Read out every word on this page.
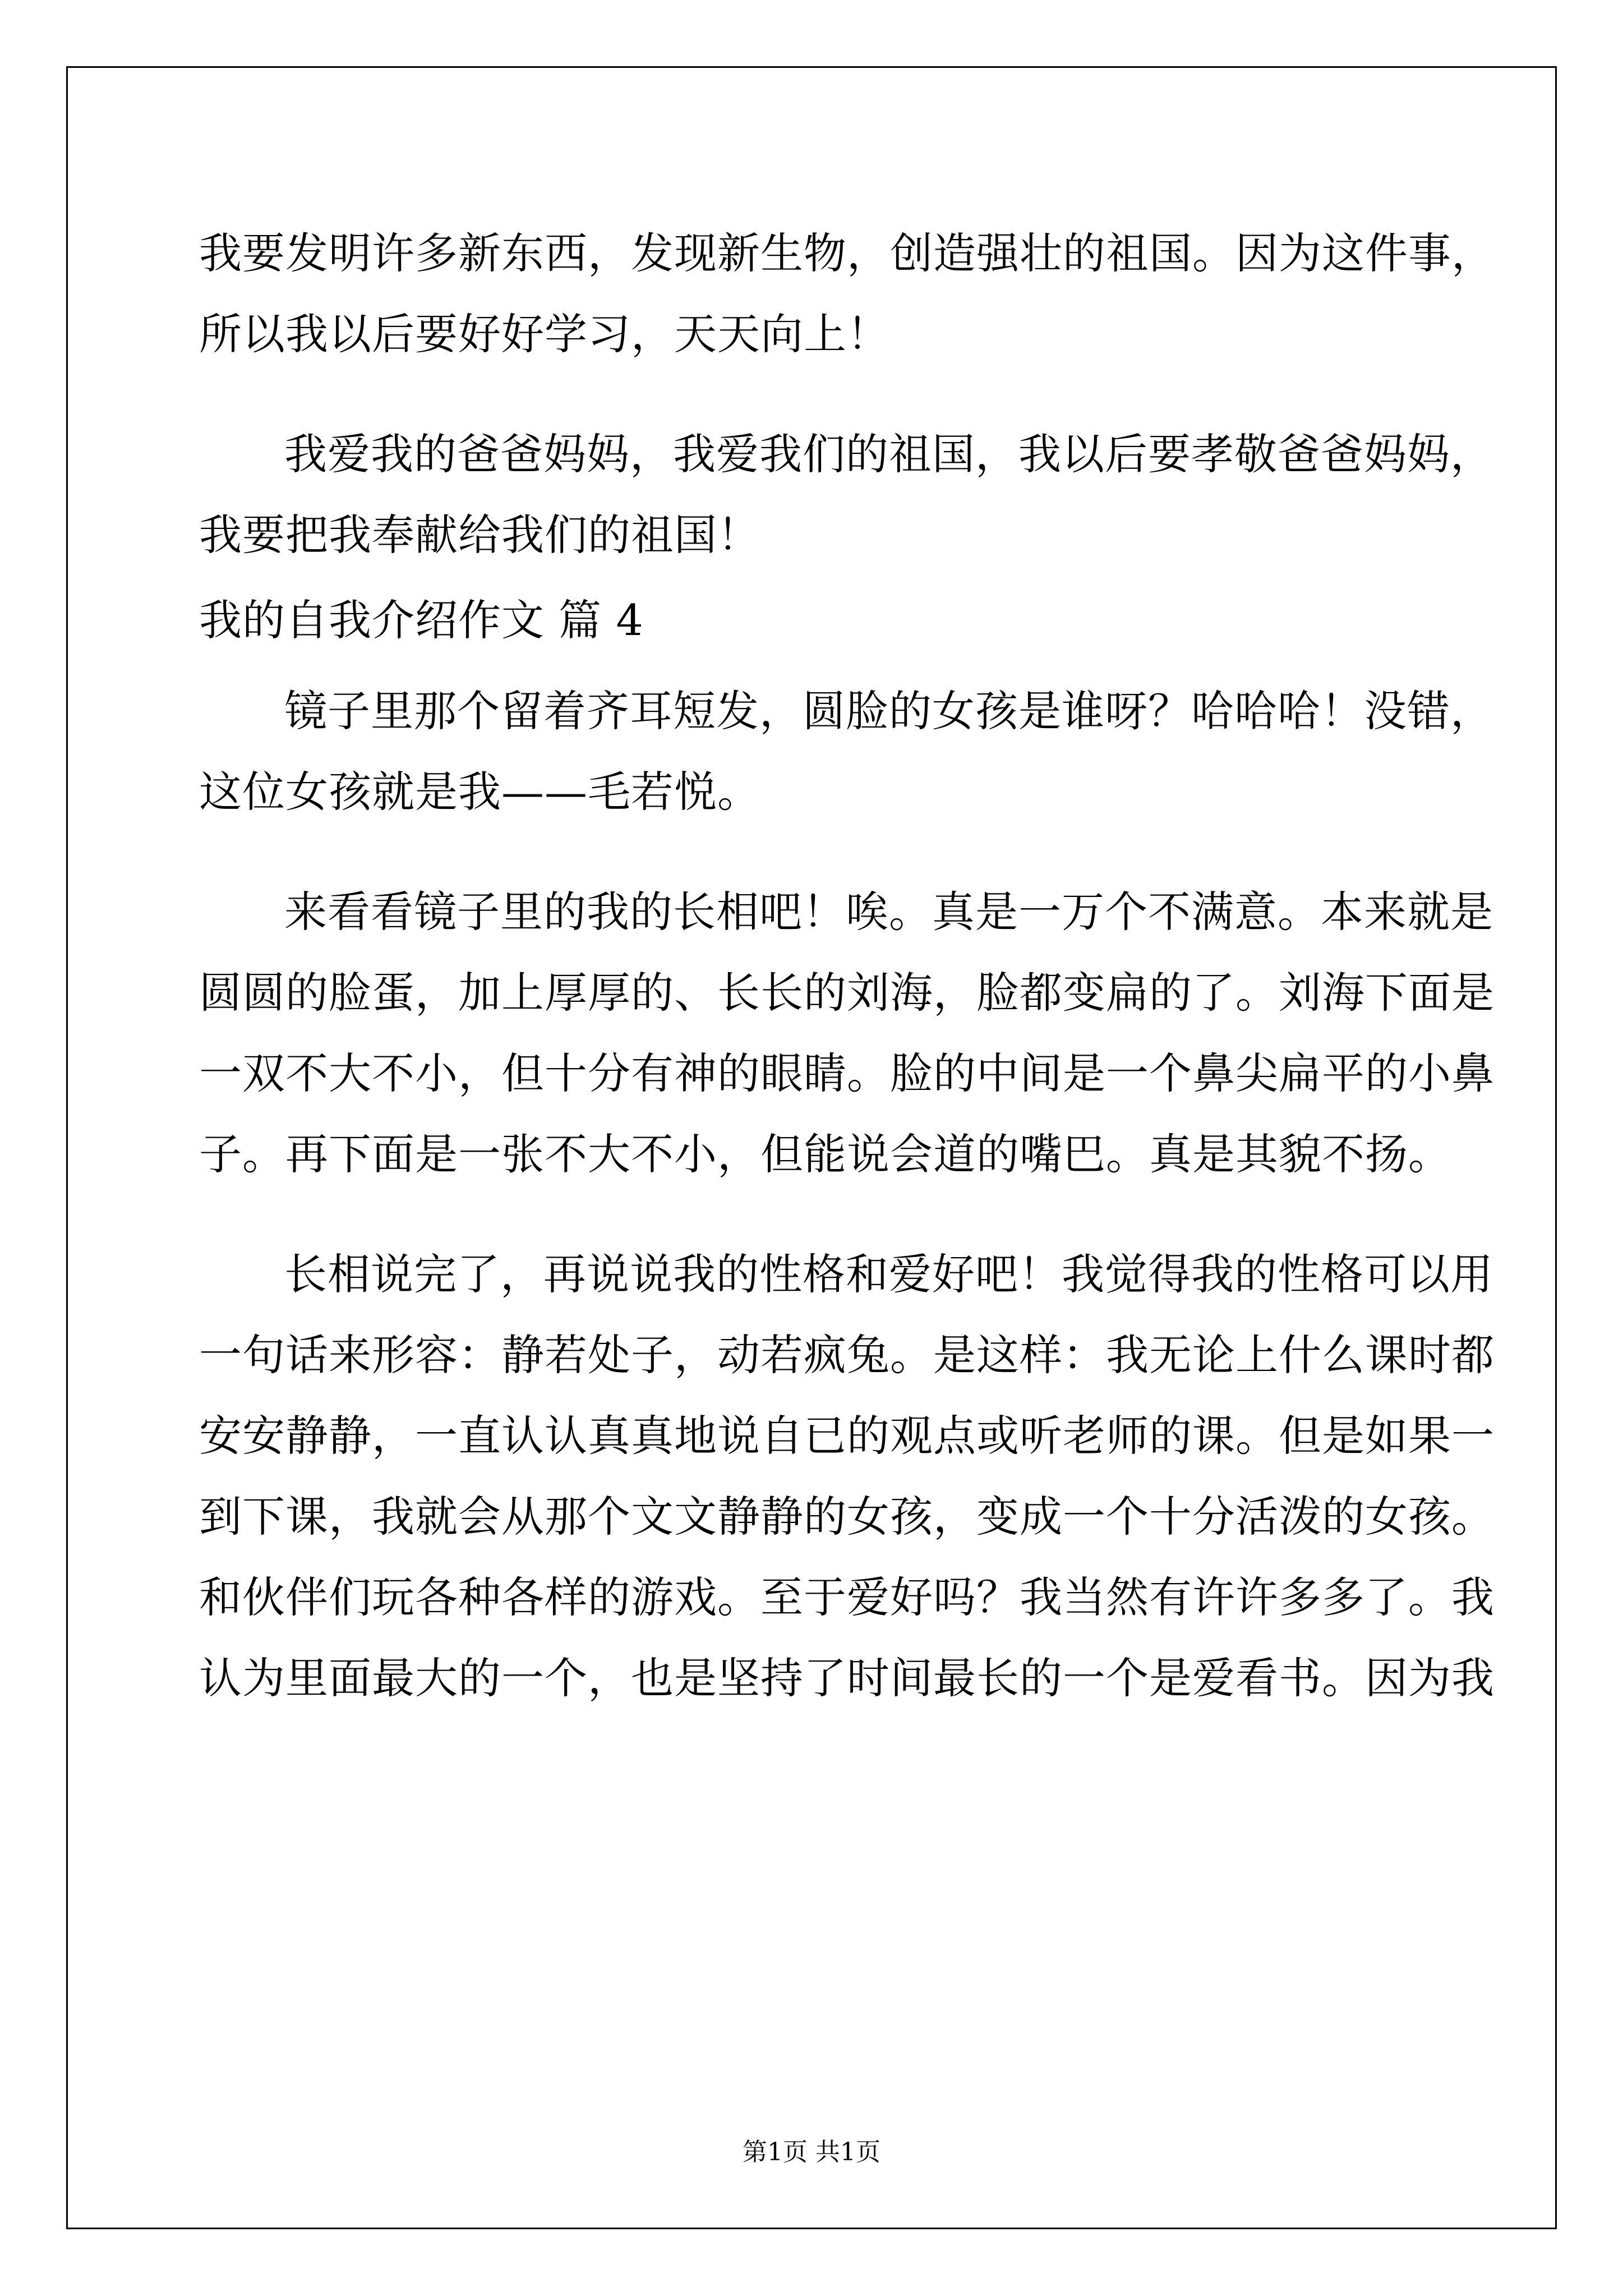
我要发明许多新东西，发现新生物，创造强壮的祖国。因为这件事，
所以我以后要好好学习，天天向上！
我爱我的爸爸妈妈，我爱我们的祖国，我以后要孝敬爸爸妈妈，
我要把我奉献给我们的祖国！
我的自我介绍作文 篇 4
镜子里那个留着齐耳短发，圆脸的女孩是谁呀？哈哈哈！没错，
这位女孩就是我——毛若悦。
来看看镜子里的我的长相吧！唉。真是一万个不满意。本来就是
圆圆的脸蛋，加上厚厚的、长长的刘海，脸都变扁的了。刘海下面是
一双不大不小，但十分有神的眼睛。脸的中间是一个鼻尖扁平的小鼻
子。再下面是一张不大不小，但能说会道的嘴巴。真是其貌不扬。
长相说完了，再说说我的性格和爱好吧！我觉得我的性格可以用
一句话来形容：静若处子，动若疯兔。是这样：我无论上什么课时都
安安静静，一直认认真真地说自已的观点或听老师的课。但是如果一
到下课，我就会从那个文文静静的女孩，变成一个十分活泼的女孩。
和伙伴们玩各种各样的游戏。至于爱好吗？我当然有许许多多了。我
认为里面最大的一个，也是坚持了时间最长的一个是爱看书。因为我
第1页 共1页
